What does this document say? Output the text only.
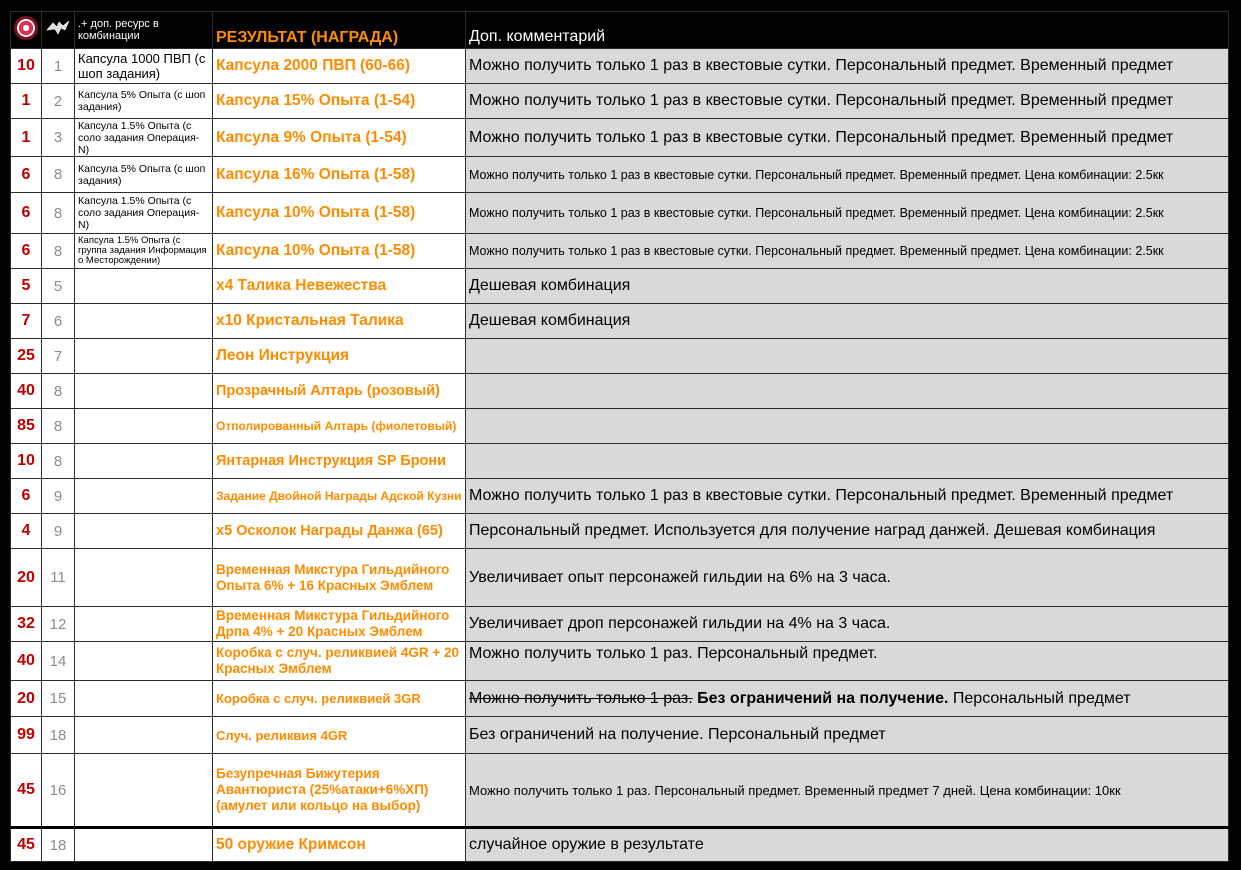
		.+ доп. ресурс в комбинации	РЕЗУЛЬТАТ (НАГРАДА)	Доп. комментарий
10	1	Капсула 1000 ПВП (с шоп задания)	Капсула 2000 ПВП (60-66)	Можно получить только 1 раз в квестовые сутки. Персональный предмет. Временный предмет
1	2	Капсула 5% Опыта (с шоп задания)	Капсула 15% Опыта (1-54)	Можно получить только 1 раз в квестовые сутки. Персональный предмет. Временный предмет
1	3	Капсула 1.5% Опыта (с соло задания Операция-N)	Капсула 9% Опыта (1-54)	Можно получить только 1 раз в квестовые сутки. Персональный предмет. Временный предмет
6	8	Капсула 5% Опыта (с шоп задания)	Капсула 16% Опыта (1-58)	Можно получить только 1 раз в квестовые сутки. Персональный предмет. Временный предмет. Цена комбинации: 2.5кк
6	8	Капсула 1.5% Опыта (с соло задания Операция-N)	Капсула 10% Опыта (1-58)	Можно получить только 1 раз в квестовые сутки. Персональный предмет. Временный предмет. Цена комбинации: 2.5кк
6	8	Капсула 1.5% Опыта (с группа задания Информация о Месторождении)	Капсула 10% Опыта (1-58)	Можно получить только 1 раз в квестовые сутки. Персональный предмет. Временный предмет. Цена комбинации: 2.5кк
5	5		x4 Талика Невежества	Дешевая комбинация
7	6		x10 Кристальная Талика	Дешевая комбинация
25	7		Леон Инструкция	
40	8		Прозрачный Алтарь (розовый)	
85	8		Отполированный Алтарь (фиолетовый)	
10	8		Янтарная Инструкция SP Брони	
6	9		Задание Двойной Награды Адской Кузни	Можно получить только 1 раз в квестовые сутки. Персональный предмет. Временный предмет
4	9		x5 Осколок Награды Данжа (65)	Персональный предмет. Используется для получение наград данжей. Дешевая комбинация
20	11		Временная Микстура Гильдийного Опыта 6% + 16 Красных Эмблем	Увеличивает опыт персонажей гильдии на 6% на 3 часа.
32	12		Временная Микстура Гильдийного Дрпа 4% + 20 Красных Эмблем	Увеличивает дроп персонажей гильдии на 4% на 3 часа.
40	14		Коробка с случ. реликвией 4GR + 20 Красных Эмблем	Можно получить только 1 раз. Персональный предмет.
20	15		Коробка с случ. реликвией 3GR	Можно получить только 1 раз. Без ограничений на получение. Персональный предмет
99	18		Случ. реликвия 4GR	Без ограничений на получение. Персональный предмет
45	16		Безупречная Бижутерия Авантюриста (25%атаки+6%ХП)(амулет или кольцо на выбор)	Можно получить только 1 раз. Персональный предмет. Временный предмет 7 дней. Цена комбинации: 10кк
45	18		50 оружие Кримсон	случайное оружие в результате
